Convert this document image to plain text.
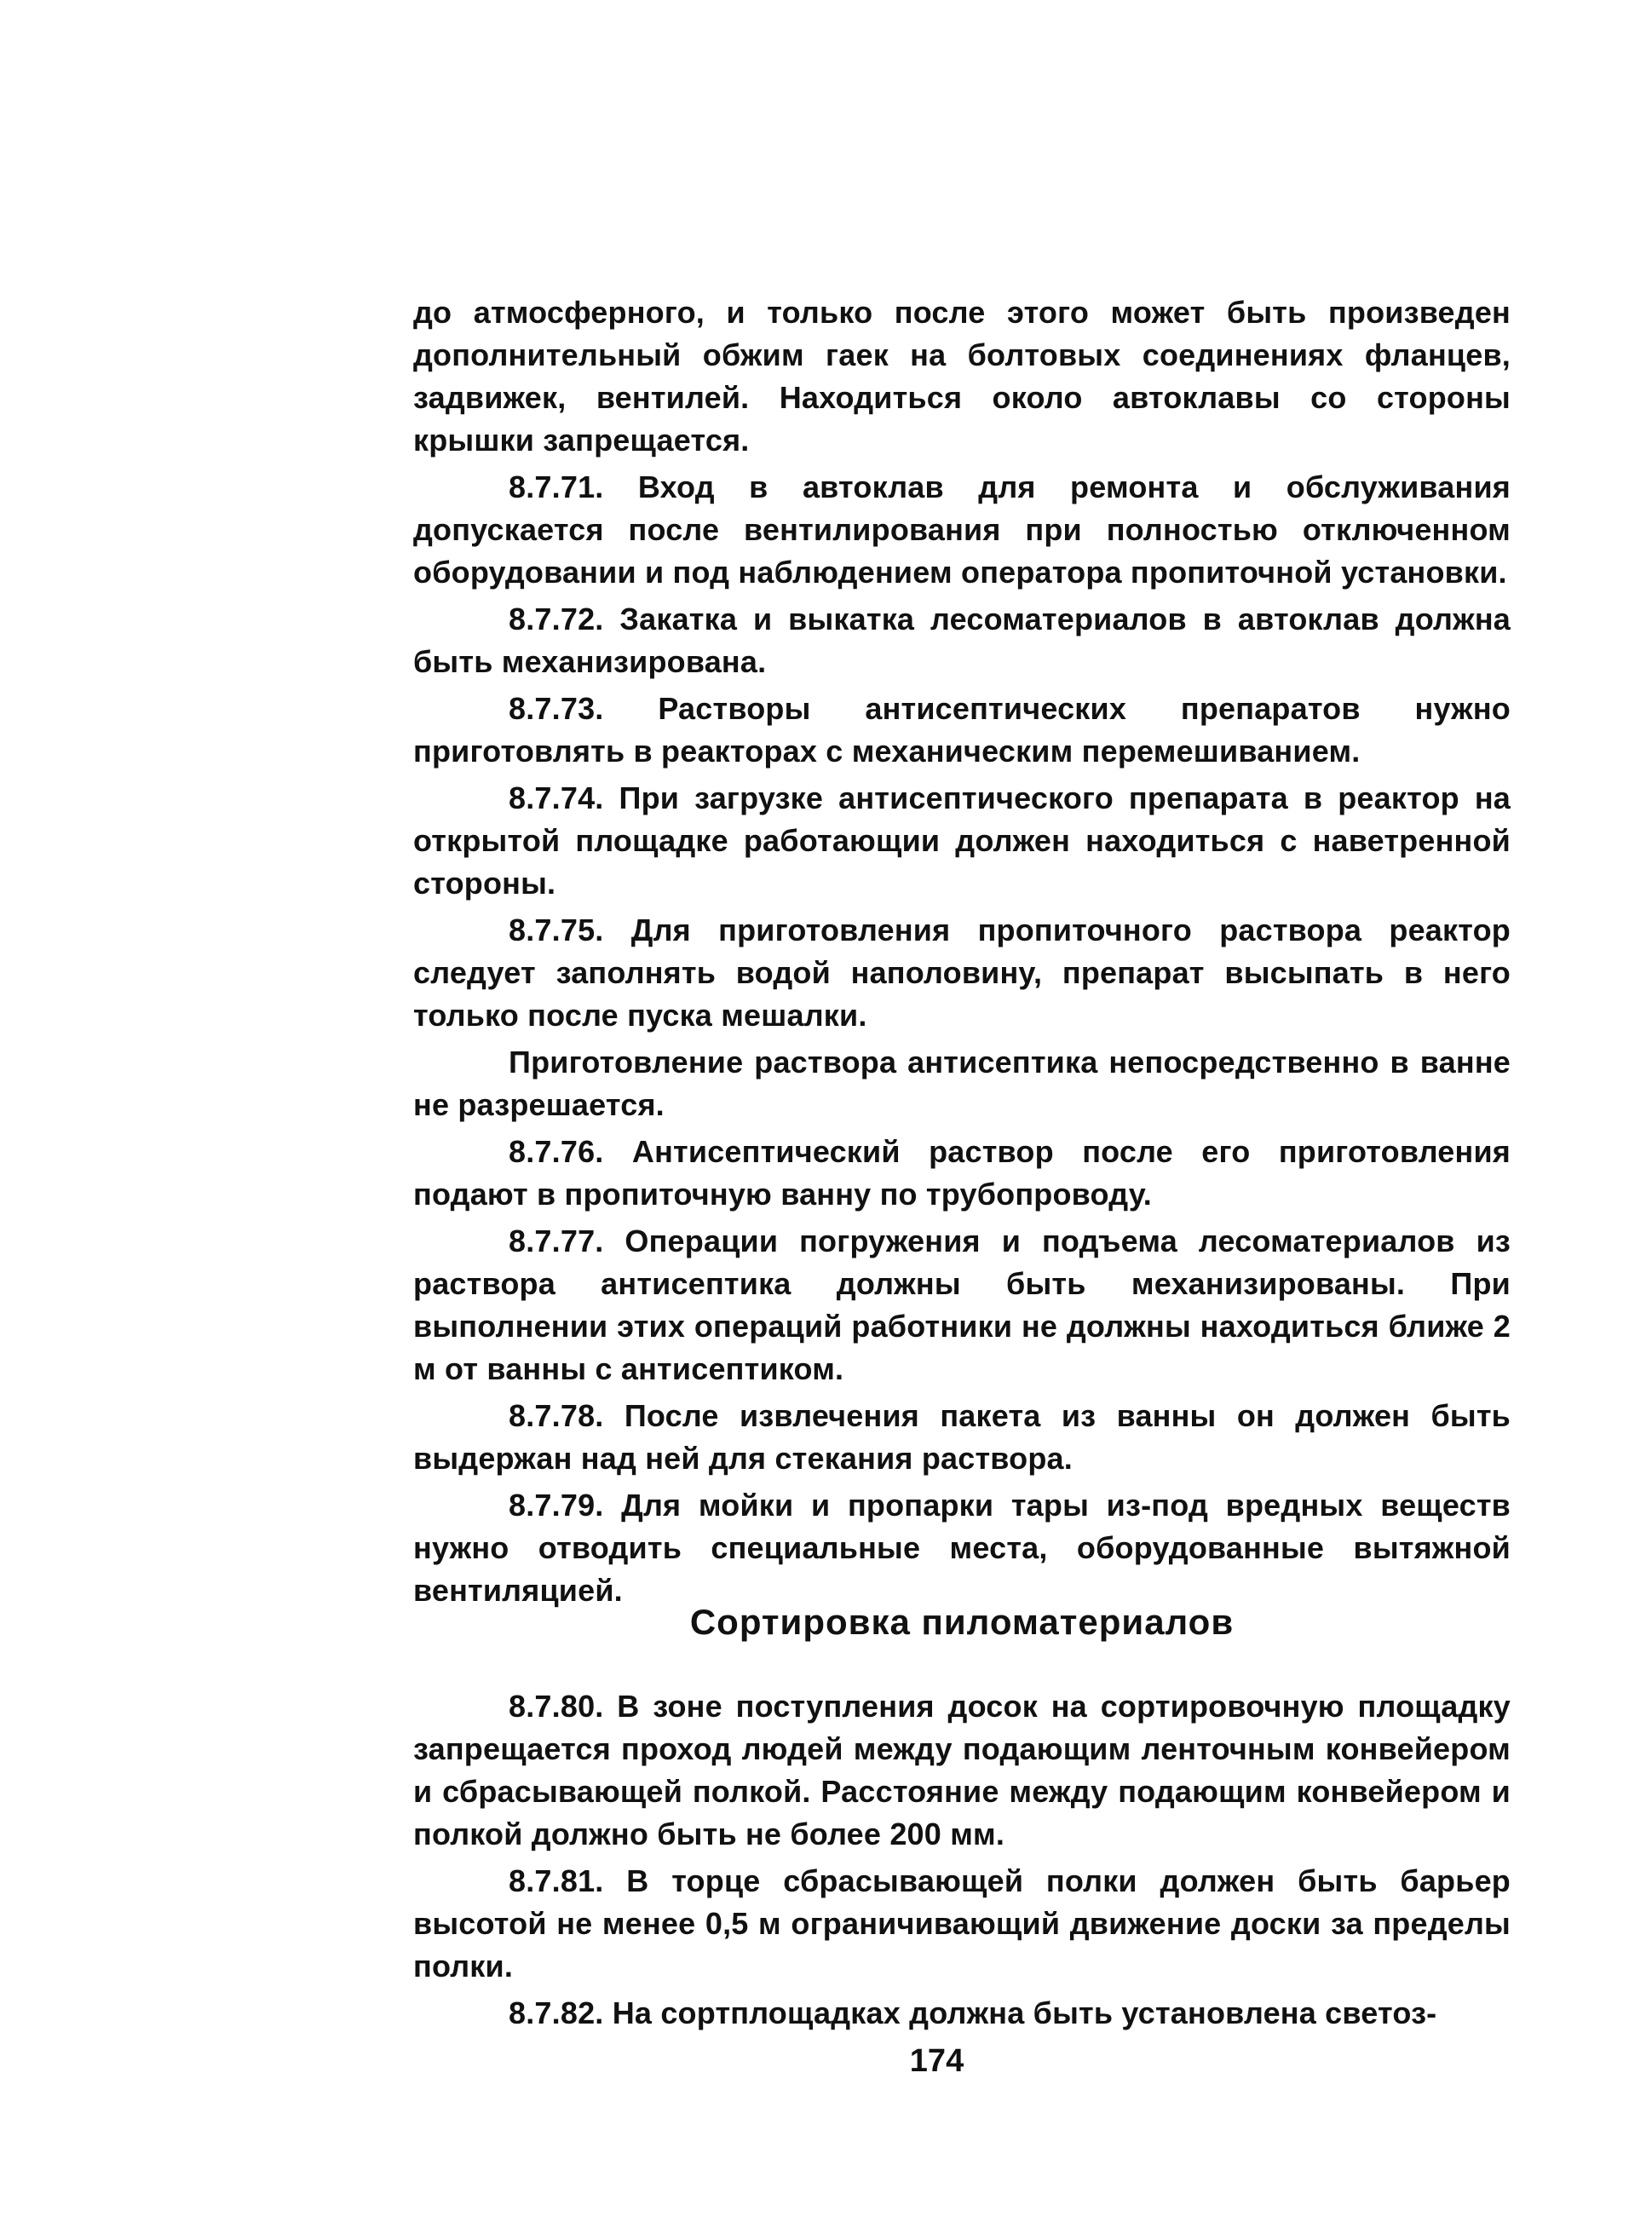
до атмосферного, и только после этого может быть произведен дополнительный обжим гаек на болтовых соединениях фланцев, задвижек, вентилей. Находиться около автоклавы со стороны крышки запрещается.

8.7.71. Вход в автоклав для ремонта и обслуживания допускается после вентилирования при полностью отключенном оборудовании и под наблюдением оператора пропиточной установки.

8.7.72. Закатка и выкатка лесоматериалов в автоклав должна быть механизирована.

8.7.73. Растворы антисептических препаратов нужно приготовлять в реакторах с механическим перемешиванием.

8.7.74. При загрузке антисептического препарата в реактор на открытой площадке работающии должен находиться с наветренной стороны.

8.7.75. Для приготовления пропиточного раствора реактор следует заполнять водой наполовину, препарат высыпать в него только после пуска мешалки.

Приготовление раствора антисептика непосредственно в ванне не разрешается.

8.7.76. Антисептический раствор после его приготовления подают в пропиточную ванну по трубопроводу.

8.7.77. Операции погружения и подъема лесоматериалов из раствора антисептика должны быть механизированы. При выполнении этих операций работники не должны находиться ближе 2 м от ванны с антисептиком.

8.7.78. После извлечения пакета из ванны он должен быть выдержан над ней для стекания раствора.

8.7.79. Для мойки и пропарки тары из-под вредных веществ нужно отводить специальные места, оборудованные вытяжной вентиляцией.

Сортировка пиломатериалов

8.7.80. В зоне поступления досок на сортировочную площадку запрещается проход людей между подающим ленточным конвейером и сбрасывающей полкой. Расстояние между подающим конвейером и полкой должно быть не более 200 мм.

8.7.81. В торце сбрасывающей полки должен быть барьер высотой не менее 0,5 м ограничивающий движение доски за пределы полки.

8.7.82. На сортплощадках должна быть установлена светоз-

174
